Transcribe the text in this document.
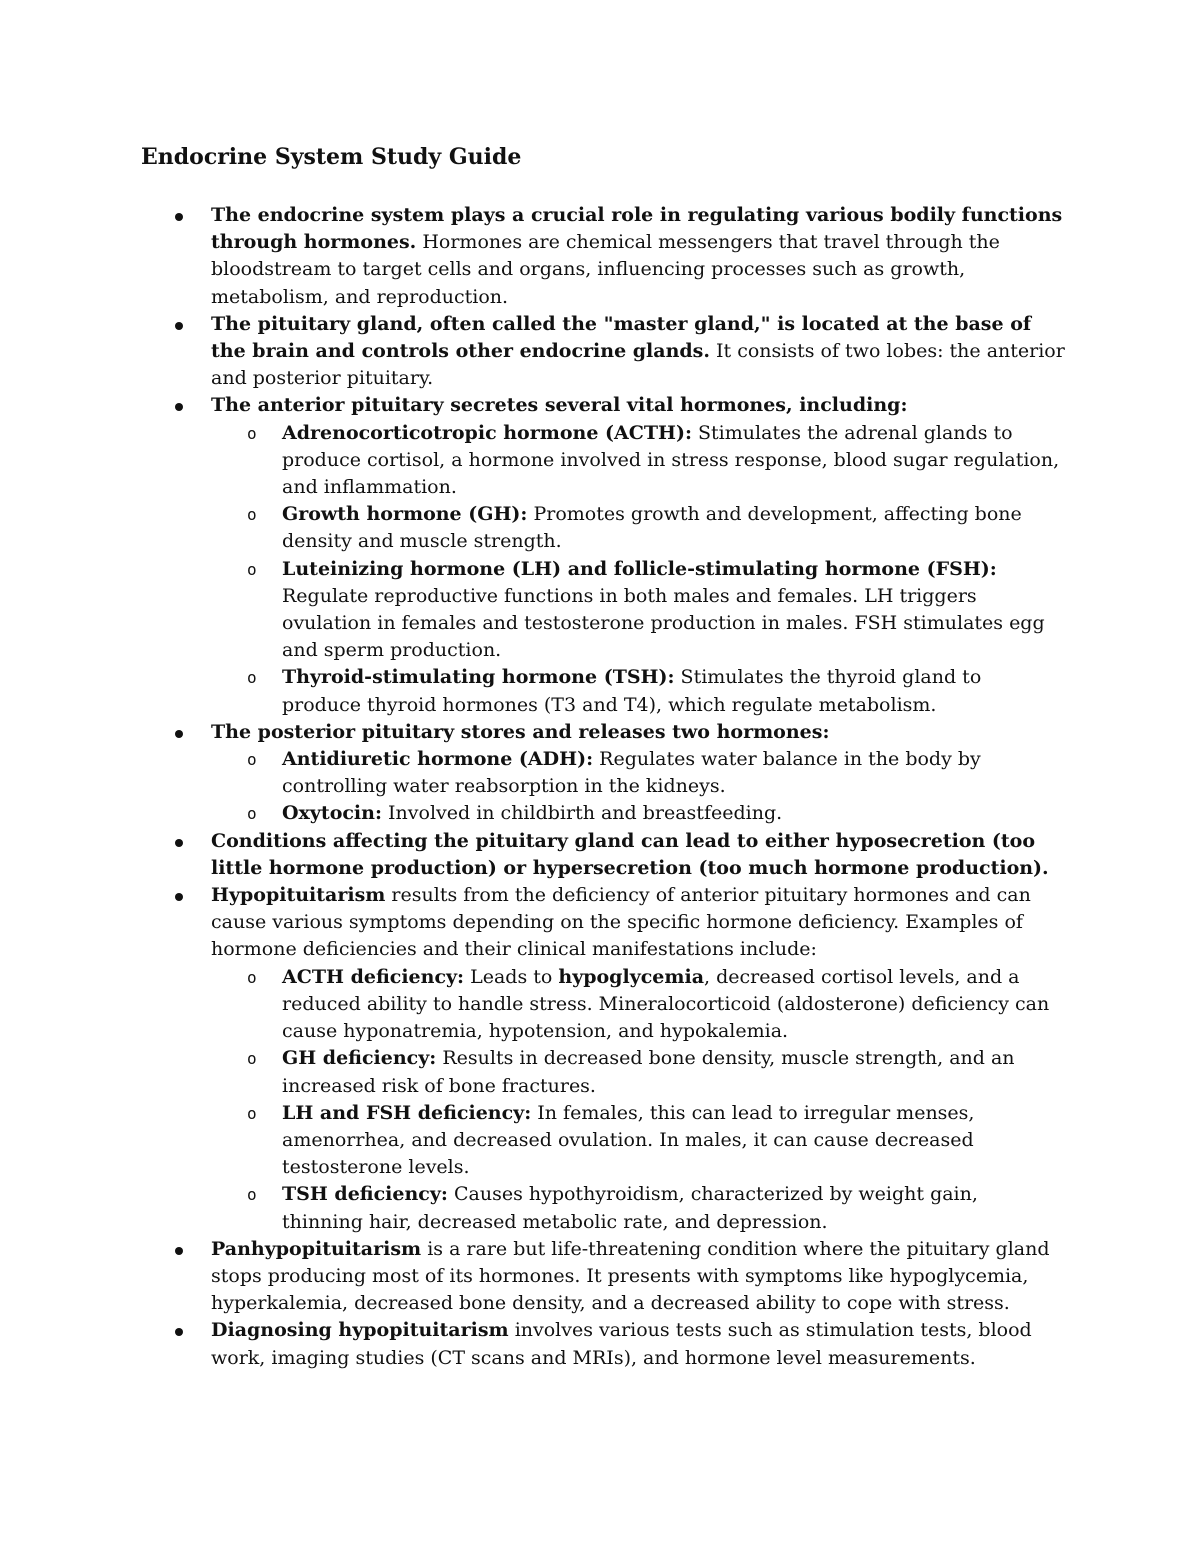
Endocrine System Study Guide
The endocrine system plays a crucial role in regulating various bodily functions through hormones. Hormones are chemical messengers that travel through the bloodstream to target cells and organs, influencing processes such as growth, metabolism, and reproduction.
The pituitary gland, often called the "master gland," is located at the base of the brain and controls other endocrine glands. It consists of two lobes: the anterior and posterior pituitary.
The anterior pituitary secretes several vital hormones, including:
o Adrenocorticotropic hormone (ACTH): Stimulates the adrenal glands to produce cortisol, a hormone involved in stress response, blood sugar regulation, and inflammation.
o Growth hormone (GH): Promotes growth and development, affecting bone density and muscle strength.
o Luteinizing hormone (LH) and follicle-stimulating hormone (FSH): Regulate reproductive functions in both males and females. LH triggers ovulation in females and testosterone production in males. FSH stimulates egg and sperm production.
o Thyroid-stimulating hormone (TSH): Stimulates the thyroid gland to produce thyroid hormones (T3 and T4), which regulate metabolism.
The posterior pituitary stores and releases two hormones:
o Antidiuretic hormone (ADH): Regulates water balance in the body by controlling water reabsorption in the kidneys.
o Oxytocin: Involved in childbirth and breastfeeding.
Conditions affecting the pituitary gland can lead to either hyposecretion (too little hormone production) or hypersecretion (too much hormone production).
Hypopituitarism results from the deficiency of anterior pituitary hormones and can cause various symptoms depending on the specific hormone deficiency. Examples of hormone deficiencies and their clinical manifestations include:
o ACTH deficiency: Leads to hypoglycemia, decreased cortisol levels, and a reduced ability to handle stress. Mineralocorticoid (aldosterone) deficiency can cause hyponatremia, hypotension, and hypokalemia.
o GH deficiency: Results in decreased bone density, muscle strength, and an increased risk of bone fractures.
o LH and FSH deficiency: In females, this can lead to irregular menses, amenorrhea, and decreased ovulation. In males, it can cause decreased testosterone levels.
o TSH deficiency: Causes hypothyroidism, characterized by weight gain, thinning hair, decreased metabolic rate, and depression.
Panhypopituitarism is a rare but life-threatening condition where the pituitary gland stops producing most of its hormones. It presents with symptoms like hypoglycemia, hyperkalemia, decreased bone density, and a decreased ability to cope with stress.
Diagnosing hypopituitarism involves various tests such as stimulation tests, blood work, imaging studies (CT scans and MRIs), and hormone level measurements.
